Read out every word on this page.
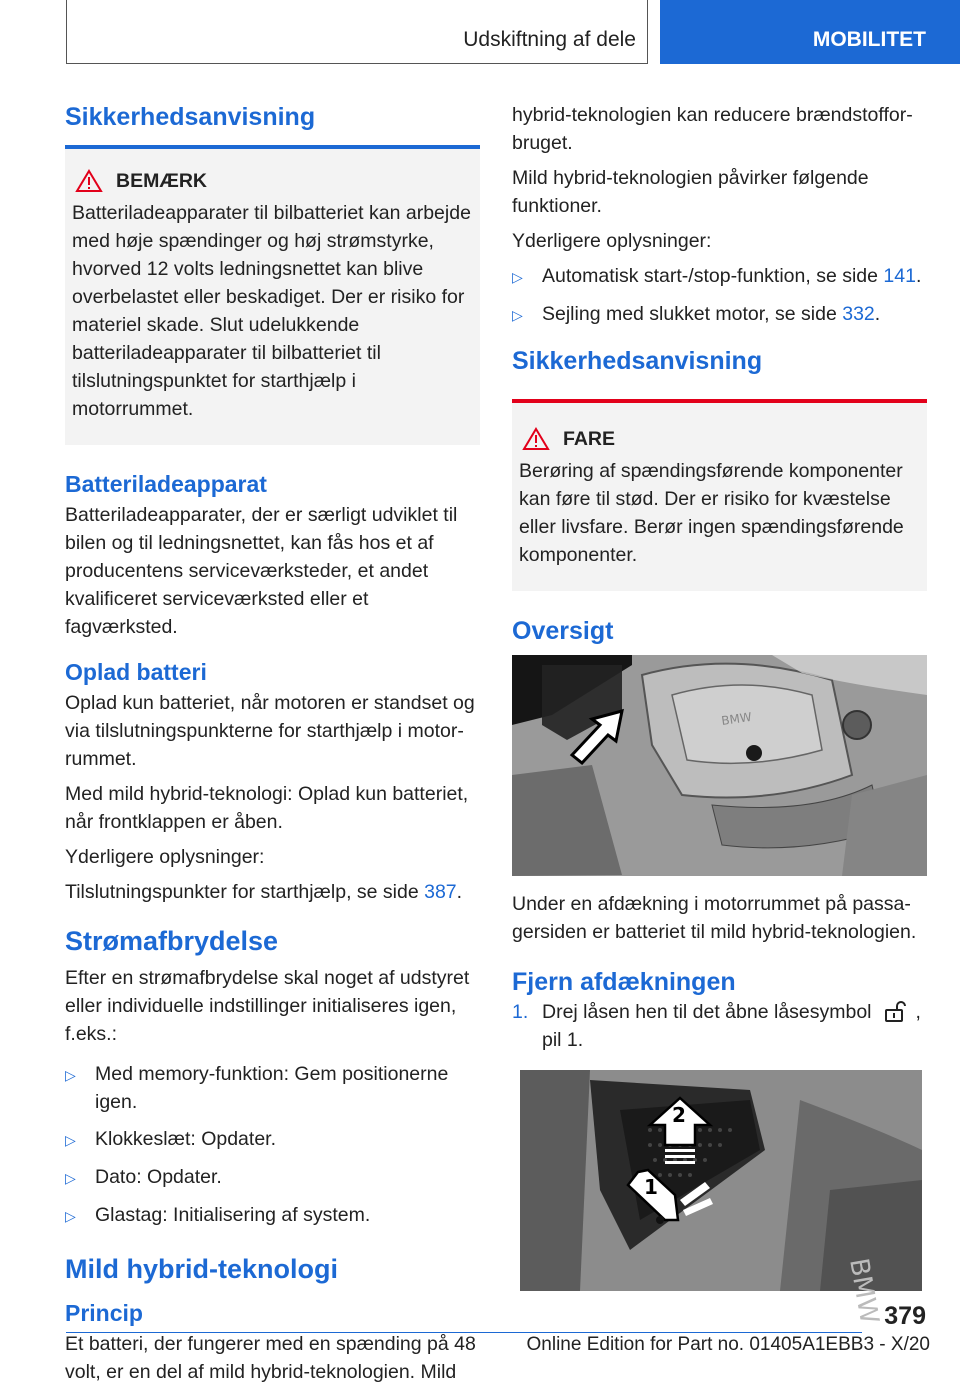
Udskiftning af dele	MOBILITET
Sikkerhedsanvisning
BEMÆRK
Batteriladeapparater til bilbatteriet kan arbejde med høje spændinger og høj strømstyrke, hvorved 12 volts ledningsnettet kan blive overbelastet eller beskadiget. Der er risiko for materiel skade. Slut udelukkende batteriladeapparater til bilbatteriet til tilslutningspunktet for starthjælp i motorrummet.
Batteriladeapparat

Batteriladeapparater, der er særligt udviklet til bilen og til ledningsnettet, kan fås hos et af producentens serviceværksteder, et andet kvalificeret serviceværksted eller et fagværksted.

Oplad batteri

Oplad kun batteriet, når motoren er standset og via tilslutningspunkterne for starthjælp i motorrummet.

Med mild hybrid-teknologi: Oplad kun batteriet, når frontklappen er åben.

Yderligere oplysninger:

Tilslutningspunkter for starthjælp, se side 387.

Strømafbrydelse

Efter en strømafbrydelse skal noget af udstyret eller individuelle indstillinger initialiseres igen, f.eks.:

▷ Med memory-funktion: Gem positionerne igen.
▷ Klokkeslæt: Opdater.
▷ Dato: Opdater.
▷ Glastag: Initialisering af system.
Mild hybrid-teknologi
Princip

Et batteri, der fungerer med en spænding på 48 volt, er en del af mild hybrid-teknologien. Mild

hybrid-teknologien kan reducere brændstofforbruget.

Mild hybrid-teknologien påvirker følgende funktioner.

Yderligere oplysninger:

▷ Automatisk start-/stop-funktion, se side 141.
▷ Sejling med slukket motor, se side 332.
Sikkerhedsanvisning
FARE
Berøring af spændingsførende komponenter kan føre til stød. Der er risiko for kvæstelse eller livsfare. Berør ingen spændingsførende komponenter.
Oversigt
BMW

Under en afdækning i motorrummet på passagersiden er batteriet til mild hybrid-teknologien.

Fjern afdækningen
1. Drej låsen hen til det åbne låsesymbol , pil 1.
BMW
2
1
379
Online Edition for Part no. 01405A1EBB3 - X/20
